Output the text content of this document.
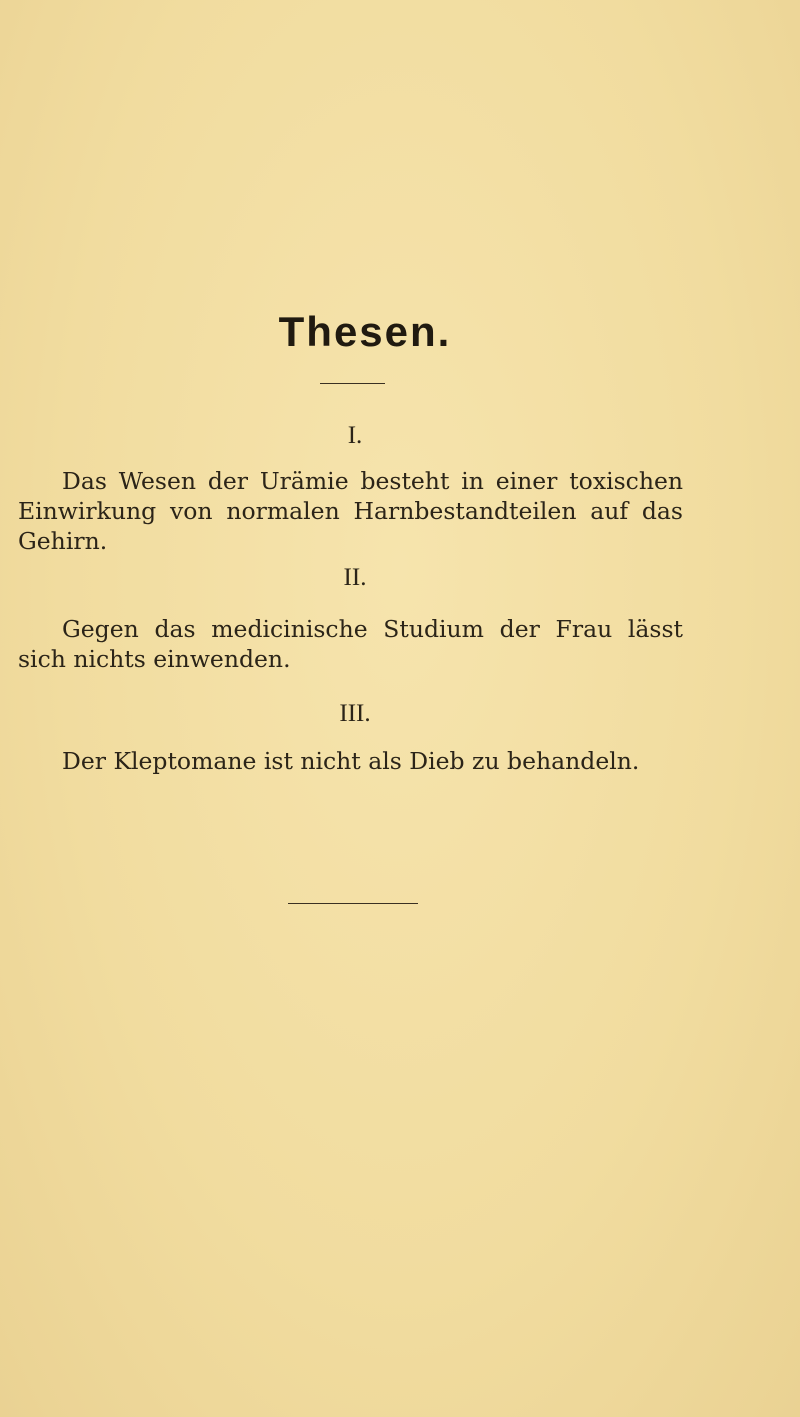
Thesen.
I.
Das Wesen der Urämie besteht in einer toxischen
Einwirkung von normalen Harnbestandteilen auf das
Gehirn.
II.
Gegen das medicinische Studium der Frau lässt
sich nichts einwenden.
III.
Der Kleptomane ist nicht als Dieb zu behandeln.
